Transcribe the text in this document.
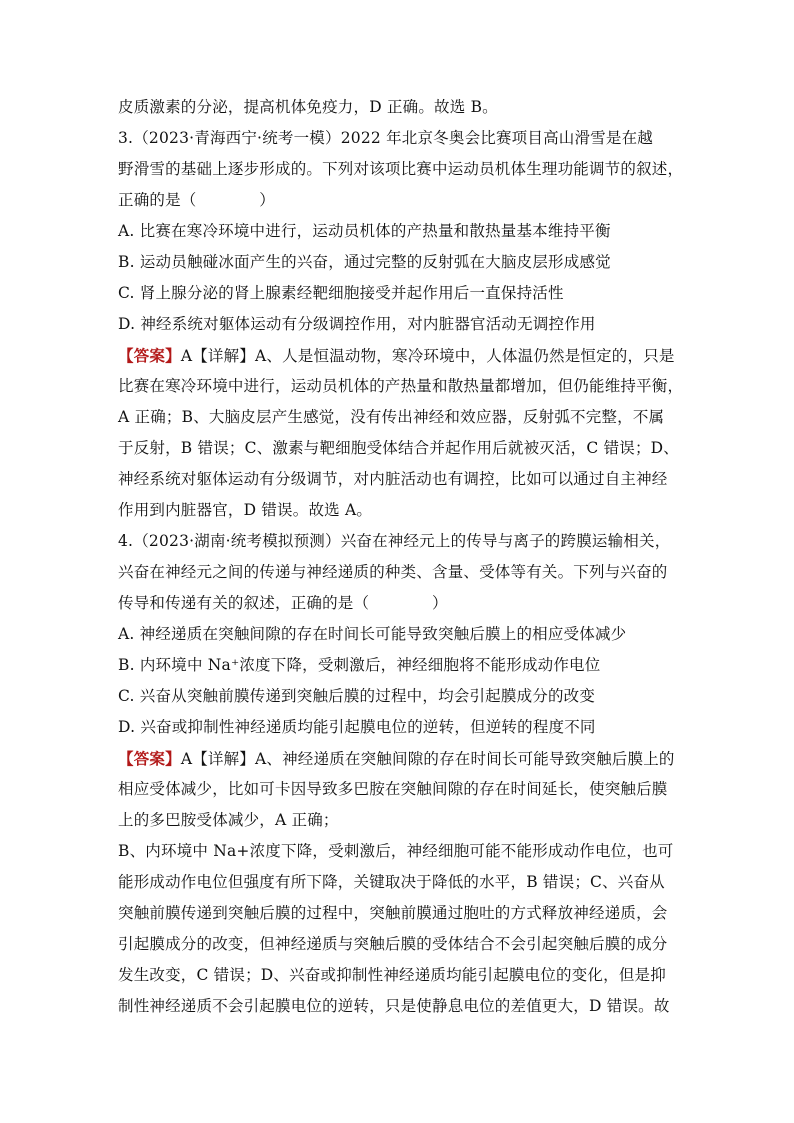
皮质激素的分泌，提高机体免疫力，D 正确。故选 B。
3.（2023·青海西宁·统考一模）2022 年北京冬奥会比赛项目高山滑雪是在越
野滑雪的基础上逐步形成的。下列对该项比赛中运动员机体生理功能调节的叙述，
正确的是（　　　　）
A. 比赛在寒冷环境中进行，运动员机体的产热量和散热量基本维持平衡
B. 运动员触碰冰面产生的兴奋，通过完整的反射弧在大脑皮层形成感觉
C. 肾上腺分泌的肾上腺素经靶细胞接受并起作用后一直保持活性
D. 神经系统对躯体运动有分级调控作用，对内脏器官活动无调控作用
【答案】A【详解】A、人是恒温动物，寒冷环境中，人体温仍然是恒定的，只是
比赛在寒冷环境中进行，运动员机体的产热量和散热量都增加，但仍能维持平衡，
A 正确；B、大脑皮层产生感觉，没有传出神经和效应器，反射弧不完整，不属
于反射，B 错误；C、激素与靶细胞受体结合并起作用后就被灭活，C 错误；D、
神经系统对躯体运动有分级调节，对内脏活动也有调控，比如可以通过自主神经
作用到内脏器官，D 错误。故选 A。
4.（2023·湖南·统考模拟预测）兴奋在神经元上的传导与离子的跨膜运输相关，
兴奋在神经元之间的传递与神经递质的种类、含量、受体等有关。下列与兴奋的
传导和传递有关的叙述，正确的是（　　　　）
A. 神经递质在突触间隙的存在时间长可能导致突触后膜上的相应受体减少
B. 内环境中 Na⁺浓度下降，受刺激后，神经细胞将不能形成动作电位
C. 兴奋从突触前膜传递到突触后膜的过程中，均会引起膜成分的改变
D. 兴奋或抑制性神经递质均能引起膜电位的逆转，但逆转的程度不同
【答案】A【详解】A、神经递质在突触间隙的存在时间长可能导致突触后膜上的
相应受体减少，比如可卡因导致多巴胺在突触间隙的存在时间延长，使突触后膜
上的多巴胺受体减少，A 正确；
B、内环境中 Na+浓度下降，受刺激后，神经细胞可能不能形成动作电位，也可
能形成动作电位但强度有所下降，关键取决于降低的水平，B 错误；C、兴奋从
突触前膜传递到突触后膜的过程中，突触前膜通过胞吐的方式释放神经递质，会
引起膜成分的改变，但神经递质与突触后膜的受体结合不会引起突触后膜的成分
发生改变，C 错误；D、兴奋或抑制性神经递质均能引起膜电位的变化，但是抑
制性神经递质不会引起膜电位的逆转，只是使静息电位的差值更大，D 错误。故
